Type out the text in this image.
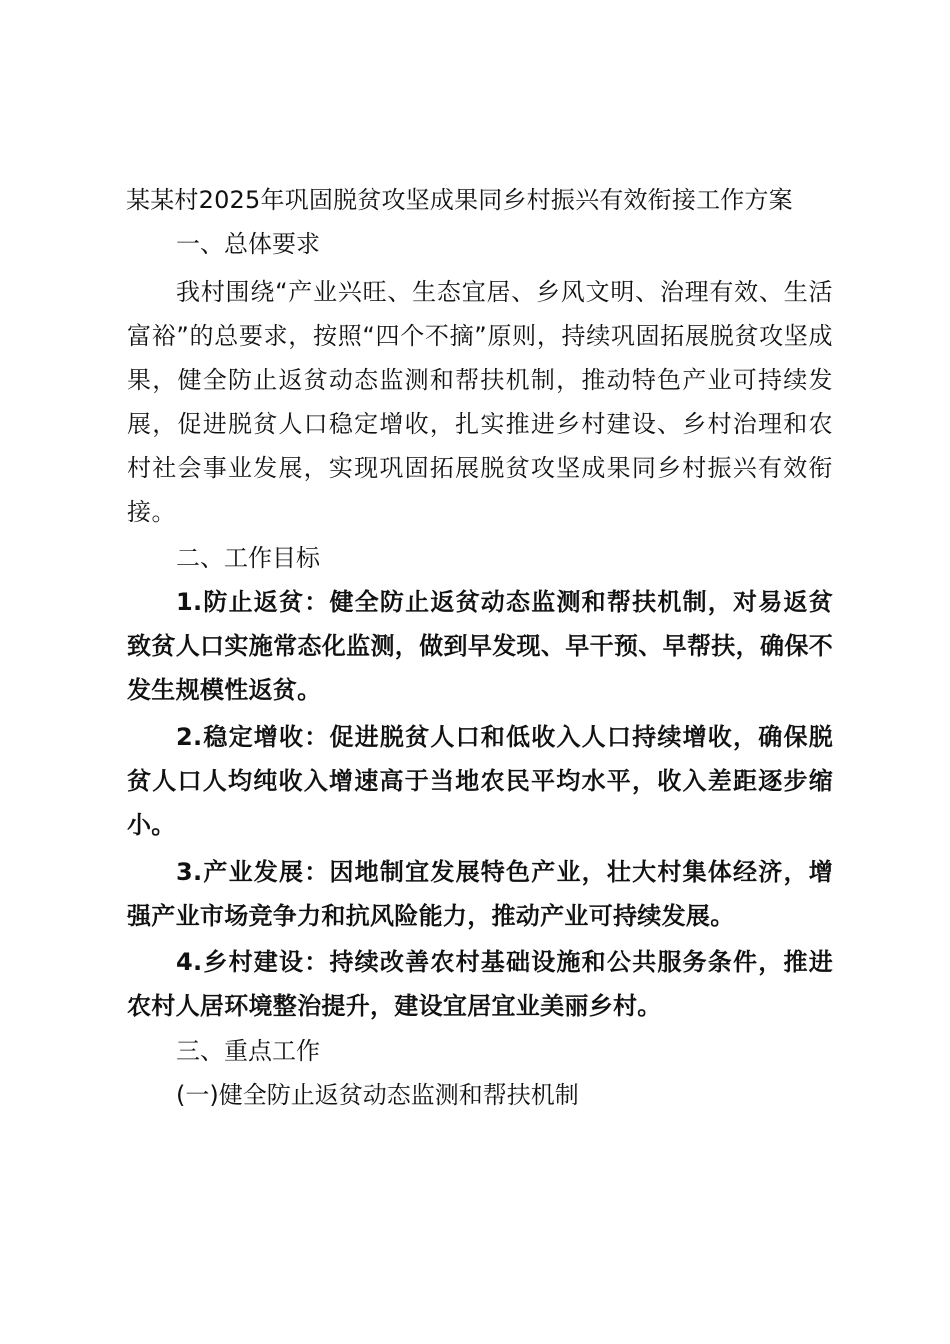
某某村2025年巩固脱贫攻坚成果同乡村振兴有效衔接工作方案
一、总体要求

我村围绕“产业兴旺、生态宜居、乡风文明、治理有效、生活富裕”的总要求，按照“四个不摘”原则，持续巩固拓展脱贫攻坚成果，健全防止返贫动态监测和帮扶机制，推动特色产业可持续发展，促进脱贫人口稳定增收，扎实推进乡村建设、乡村治理和农村社会事业发展，实现巩固拓展脱贫攻坚成果同乡村振兴有效衔接。

二、工作目标

1.防止返贫：健全防止返贫动态监测和帮扶机制，对易返贫致贫人口实施常态化监测，做到早发现、早干预、早帮扶，确保不发生规模性返贫。

2.稳定增收：促进脱贫人口和低收入人口持续增收，确保脱贫人口人均纯收入增速高于当地农民平均水平，收入差距逐步缩小。

3.产业发展：因地制宜发展特色产业，壮大村集体经济，增强产业市场竞争力和抗风险能力，推动产业可持续发展。

4.乡村建设：持续改善农村基础设施和公共服务条件，推进农村人居环境整治提升，建设宜居宜业美丽乡村。

三、重点工作
(一)健全防止返贫动态监测和帮扶机制
